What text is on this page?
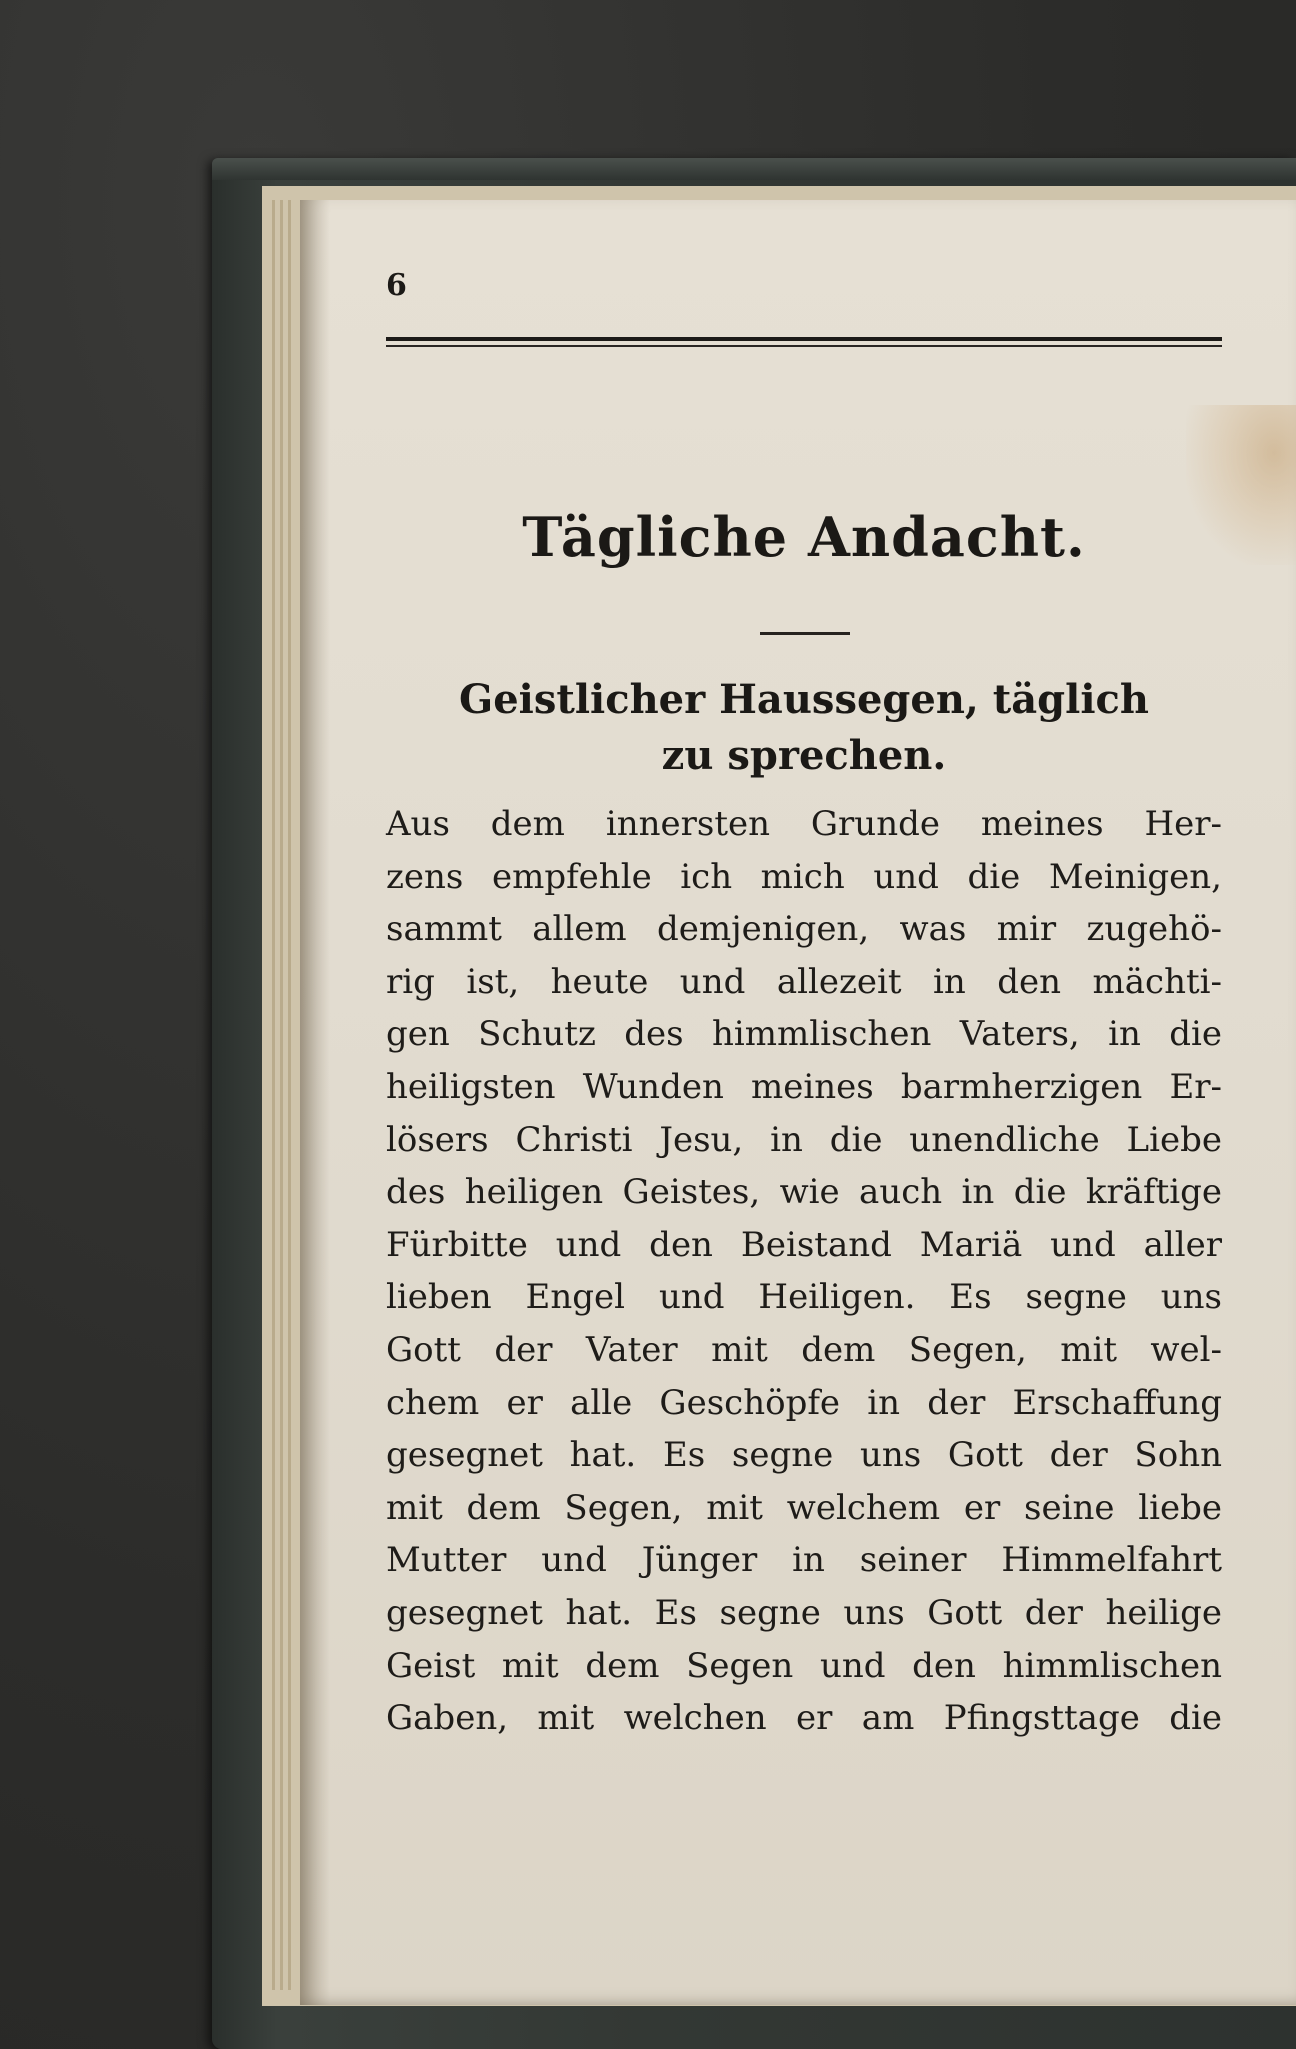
6
Tägliche Andacht.
Geistlicher Haussegen, täglich
zu sprechen.
Aus dem innersten Grunde meines Her-
zens empfehle ich mich und die Meinigen,
sammt allem demjenigen, was mir zugehö-
rig ist, heute und allezeit in den mächti-
gen Schutz des himmlischen Vaters, in die
heiligsten Wunden meines barmherzigen Er-
lösers Christi Jesu, in die unendliche Liebe
des heiligen Geistes, wie auch in die kräftige
Fürbitte und den Beistand Mariä und aller
lieben Engel und Heiligen. Es segne uns
Gott der Vater mit dem Segen, mit wel-
chem er alle Geschöpfe in der Erschaffung
gesegnet hat. Es segne uns Gott der Sohn
mit dem Segen, mit welchem er seine liebe
Mutter und Jünger in seiner Himmelfahrt
gesegnet hat. Es segne uns Gott der heilige
Geist mit dem Segen und den himmlischen
Gaben, mit welchen er am Pfingsttage die
